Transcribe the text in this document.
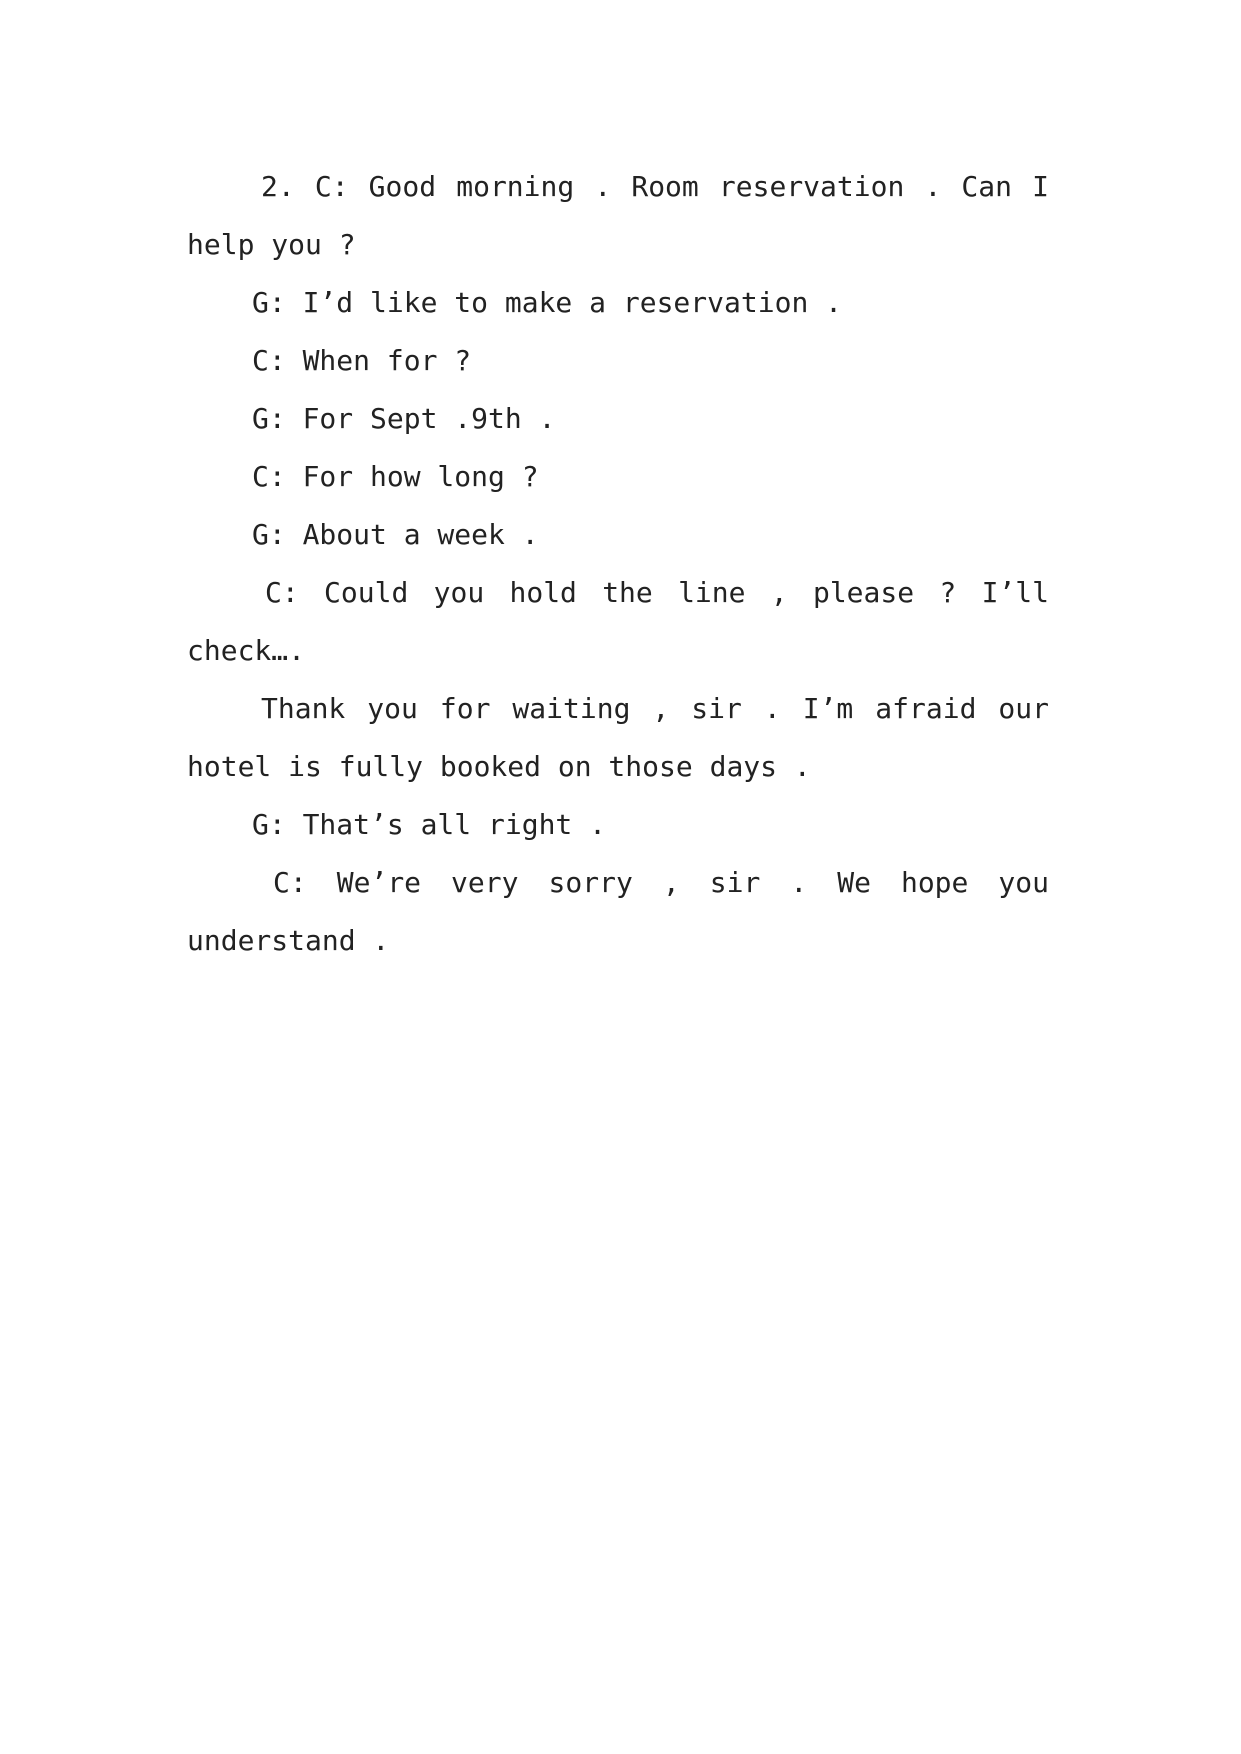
2. C: Good morning . Room reservation . Can I help you ?

G: I’d like to make a reservation .

C: When for ?

G: For Sept .9th .

C: For how long ?

G: About a week .

C: Could you hold the line , please ? I’ll check….

Thank you for waiting , sir . I’m afraid our hotel is fully booked on those days .

G: That’s all right .

C: We’re very sorry , sir . We hope you understand .
